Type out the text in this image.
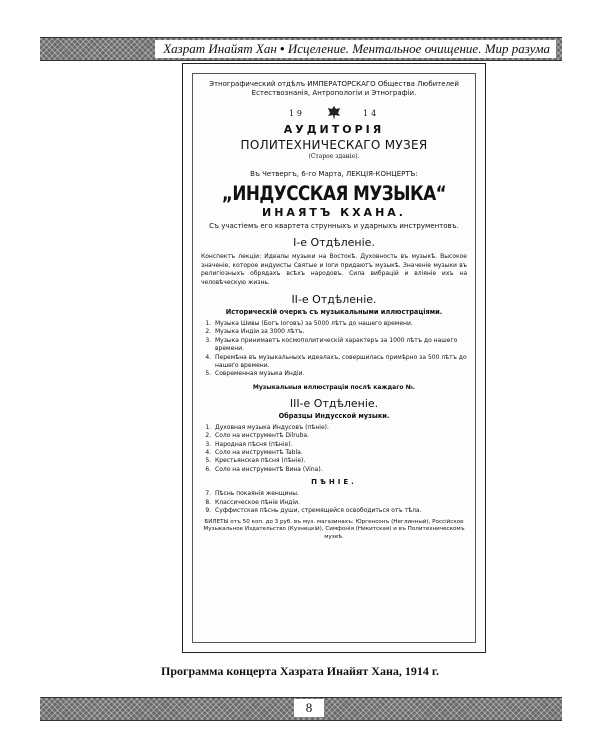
Хазрат Инайят Хан • Исцеление. Ментальное очищение. Мир разума
Этнографический отдѣлъ ИМПЕРАТОРСКАГО Общества Любителей Естествознанiя, Антропологiи и Этнографiи.
19	14
АУДИТОРIЯ
ПОЛИТЕХНИЧЕСКАГО МУЗЕЯ
(Старое зданiе).
Въ Четвергъ, 6-го Марта, ЛЕКЦIЯ-КОНЦЕРТЪ:
„ИНДУССКАЯ МУЗЫКА“
ИНАЯТЪ КХАНА.
Съ участiемъ его квартета струнныхъ и ударныхъ инструментовъ.
I-е Отдѣленiе.
Конспектъ лекцiи: Идеалы музыки на Востокѣ. Духовность въ музыкѣ. Высокое значенiе, которое индуисты Святые и Іоги придаютъ музыкѣ. Значенiе музыки въ религiозныхъ обрядахъ всѣхъ народовъ. Сила вибрацiй и влiянiе ихъ на человѣческую жизнь.
II-е Отдѣленiе.
Историческiй очеркъ съ музыкальными иллюстрацiями.
1. Музыка Шивы (Богъ Іоговъ) за 5000 лѣтъ до нашего времени.
2. Музыка Индiи за 3000 лѣтъ.
3. Музыка принимаетъ космополитическiй характеръ за 1000 лѣтъ до нашего времени.
4. Перемѣна въ музыкальныхъ идеалахъ, совершилась примѣрно за 500 лѣтъ до нашего времени.
5. Современная музыка Индiи.
Музыкальныя иллюстрацiи послѣ каждаго №.
III-е Отдѣленiе.
Образцы Индусской музыки.
1. Духовная музыка Индусовъ (пѣнiе).
2. Соло на инструментѣ Dilruba.
3. Народная пѣсня (пѣнiе).
4. Соло на инструментѣ Tabla.
5. Крестьянская пѣсня (пѣнiе).
6. Соло на инструментѣ Вина (Vina).
ПѢНIЕ.
7. Пѣснь покаянiя женщины.
8. Классическое пѣнiе Индiи.
9. Суффистская пѣснь души, стремящейся освободиться отъ тѣла.
БИЛЕТЫ отъ 50 коп. до 3 руб. въ муз. магазинахъ: Юргенсонъ (Неглинный), Россiйское Музыкальное Издательство (Кузнецкiй), Симфонiя (Никитская) и въ Политехническомъ музеѣ.
Программа концерта Хазрата Инайят Хана, 1914 г.
8
